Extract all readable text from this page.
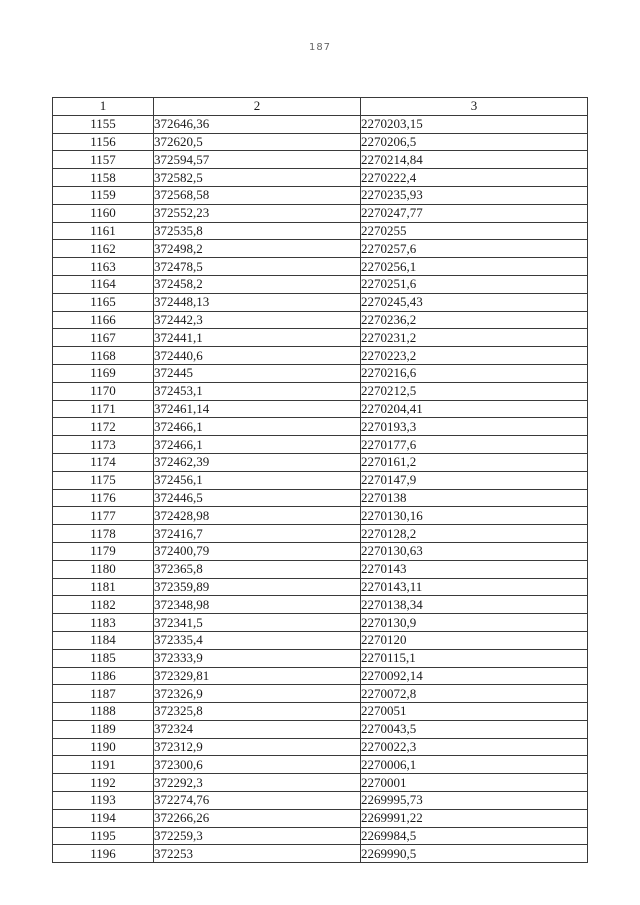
187
1	2	3
1155	372646,36	2270203,15
1156	372620,5	2270206,5
1157	372594,57	2270214,84
1158	372582,5	2270222,4
1159	372568,58	2270235,93
1160	372552,23	2270247,77
1161	372535,8	2270255
1162	372498,2	2270257,6
1163	372478,5	2270256,1
1164	372458,2	2270251,6
1165	372448,13	2270245,43
1166	372442,3	2270236,2
1167	372441,1	2270231,2
1168	372440,6	2270223,2
1169	372445	2270216,6
1170	372453,1	2270212,5
1171	372461,14	2270204,41
1172	372466,1	2270193,3
1173	372466,1	2270177,6
1174	372462,39	2270161,2
1175	372456,1	2270147,9
1176	372446,5	2270138
1177	372428,98	2270130,16
1178	372416,7	2270128,2
1179	372400,79	2270130,63
1180	372365,8	2270143
1181	372359,89	2270143,11
1182	372348,98	2270138,34
1183	372341,5	2270130,9
1184	372335,4	2270120
1185	372333,9	2270115,1
1186	372329,81	2270092,14
1187	372326,9	2270072,8
1188	372325,8	2270051
1189	372324	2270043,5
1190	372312,9	2270022,3
1191	372300,6	2270006,1
1192	372292,3	2270001
1193	372274,76	2269995,73
1194	372266,26	2269991,22
1195	372259,3	2269984,5
1196	372253	2269990,5
